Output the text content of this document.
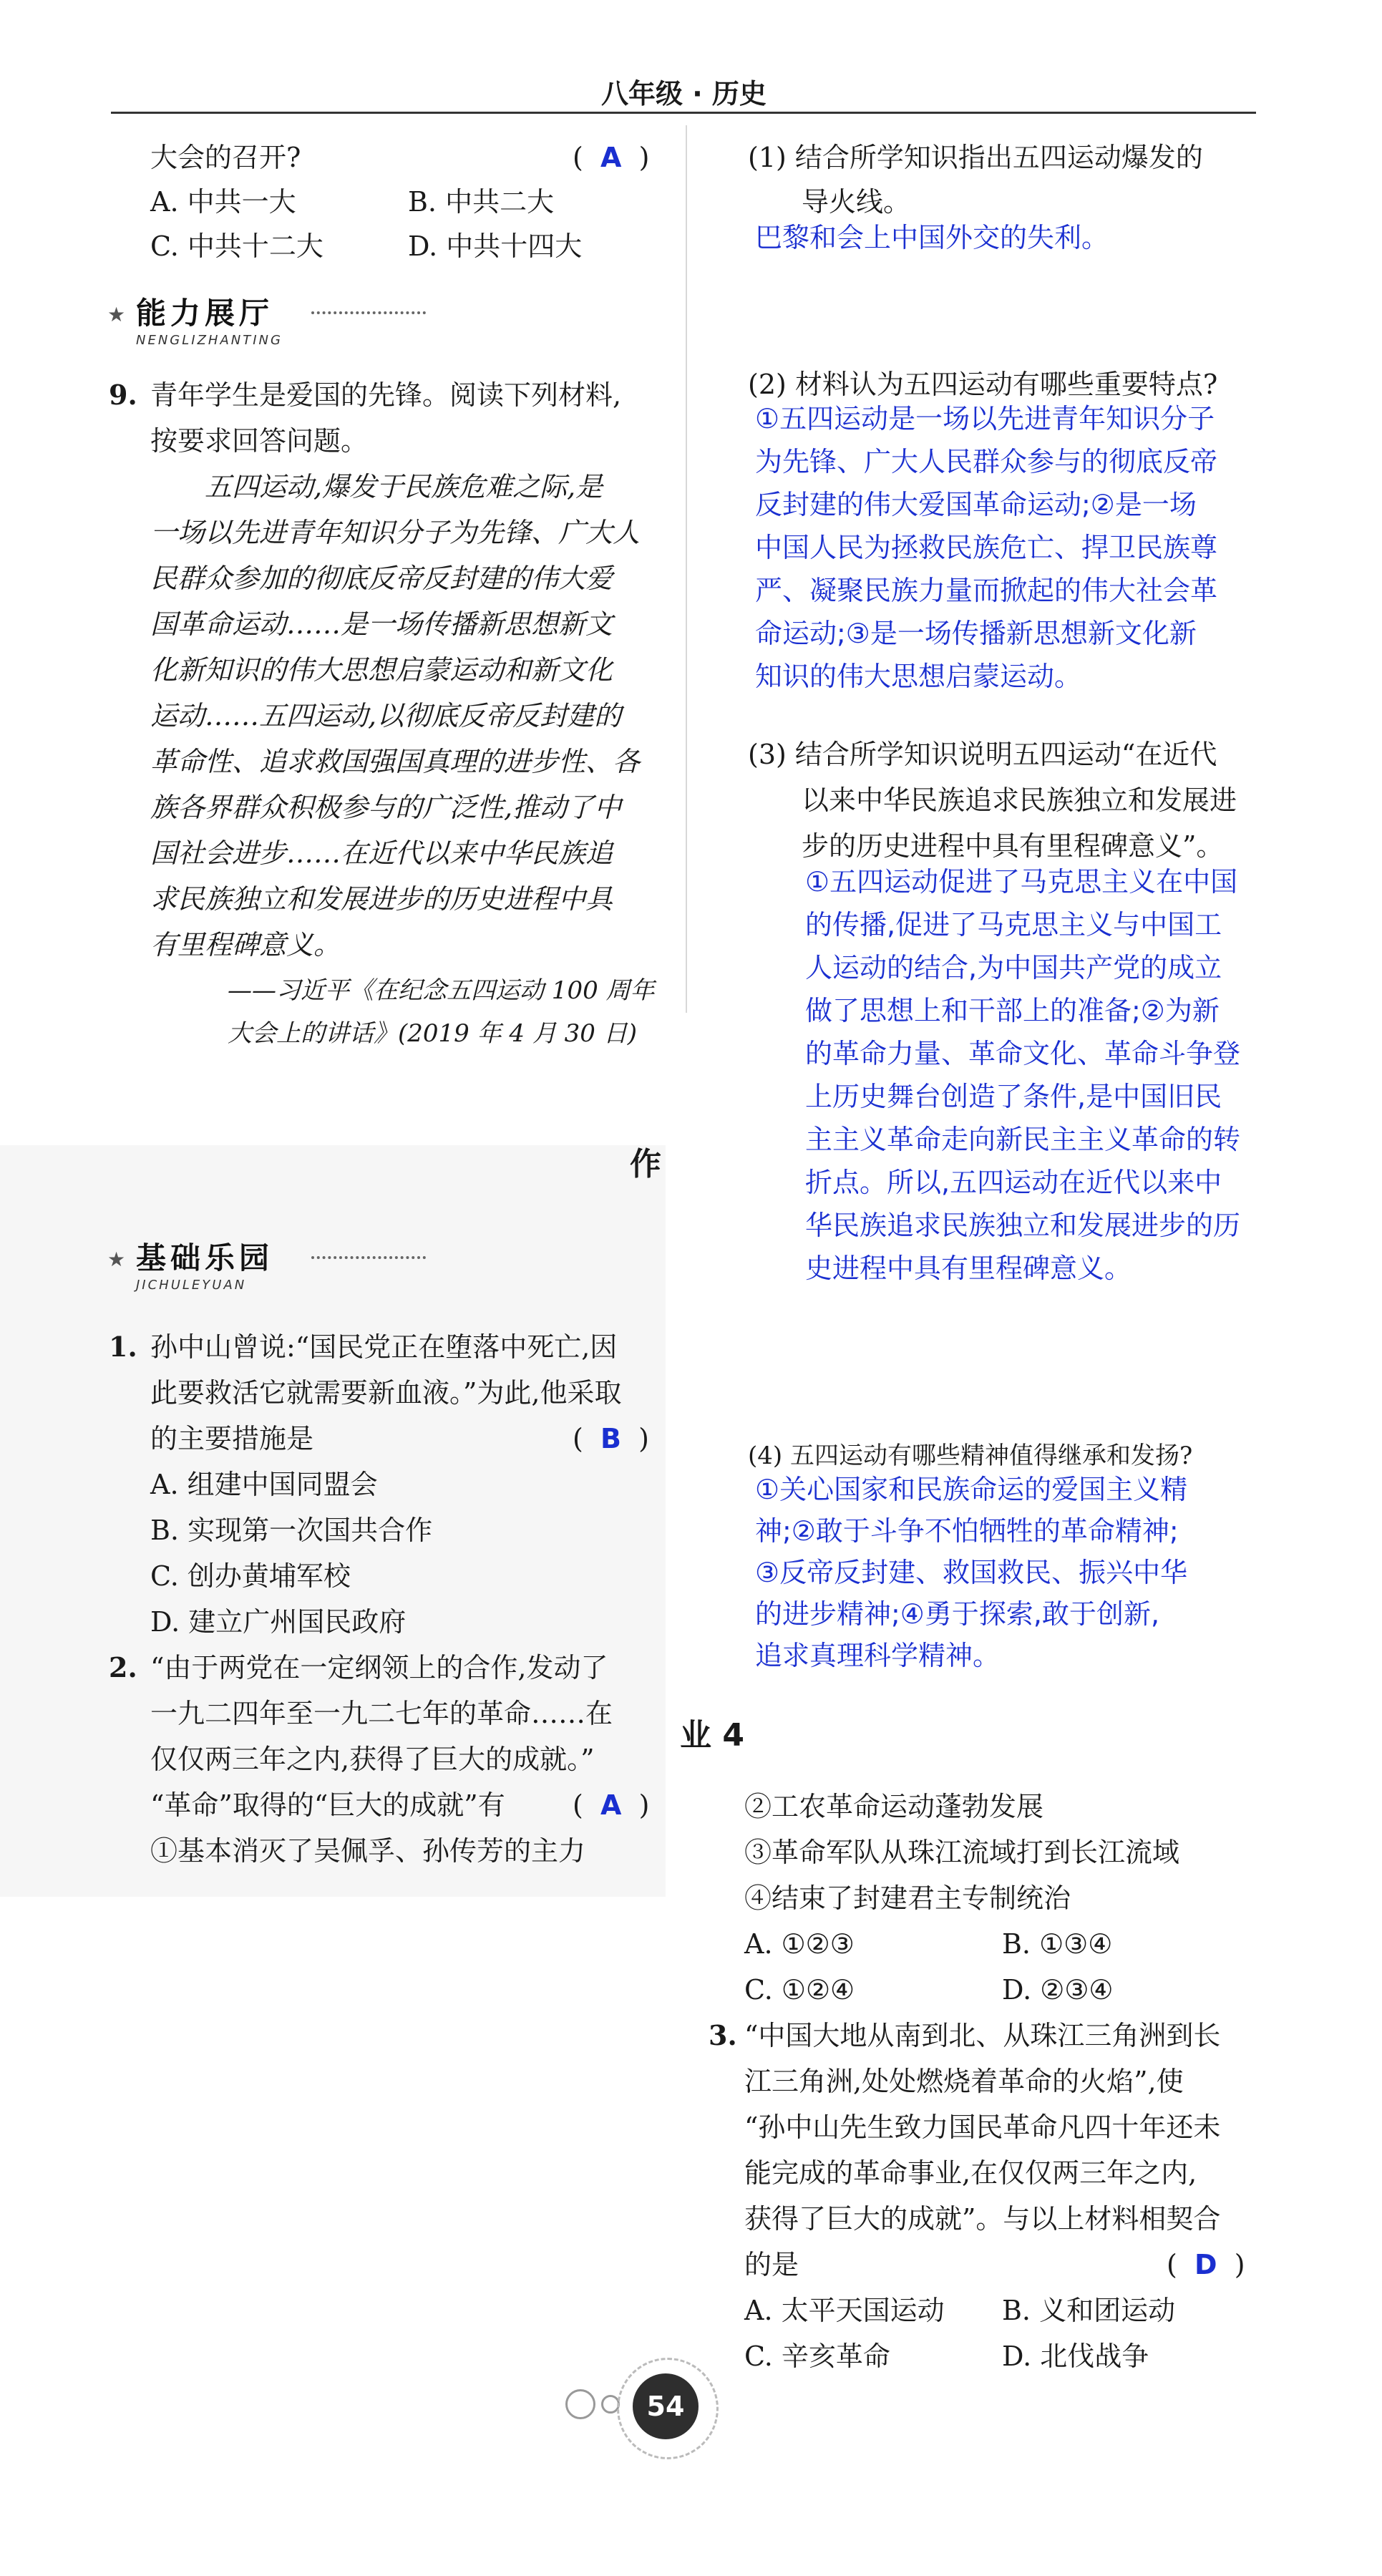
八年级 · 历史
大会的召开?	( A )
A. 中共一大	B. 中共二大
C. 中共十二大	D. 中共十四大
★ 能力展厅
NENGLIZHANTING
9. 青年学生是爱国的先锋。阅读下列材料,
按要求回答问题。
五四运动,爆发于民族危难之际,是
一场以先进青年知识分子为先锋、广大人
民群众参加的彻底反帝反封建的伟大爱
国革命运动……是一场传播新思想新文
化新知识的伟大思想启蒙运动和新文化
运动……五四运动,以彻底反帝反封建的
革命性、追求救国强国真理的进步性、各
族各界群众积极参与的广泛性,推动了中
国社会进步……在近代以来中华民族追
求民族独立和发展进步的历史进程中具
有里程碑意义。
——习近平《在纪念五四运动 100 周年
大会上的讲话》(2019 年 4 月 30 日)
作
★ 基础乐园
JICHULEYUAN
1. 孙中山曾说:“国民党正在堕落中死亡,因
此要救活它就需要新血液。”为此,他采取
的主要措施是	(  B  )
A. 组建中国同盟会
B. 实现第一次国共合作
C. 创办黄埔军校
D. 建立广州国民政府
2. “由于两党在一定纲领上的合作,发动了
一九二四年至一九二七年的革命……在
仅仅两三年之内,获得了巨大的成就。”
“革命”取得的“巨大的成就”有 (  A  )
①基本消灭了吴佩孚、孙传芳的主力
(1) 结合所学知识指出五四运动爆发的
导火线。
巴黎和会上中国外交的失利。
(2) 材料认为五四运动有哪些重要特点?
①五四运动是一场以先进青年知识分子
为先锋、广大人民群众参与的彻底反帝
反封建的伟大爱国革命运动;②是一场
中国人民为拯救民族危亡、捍卫民族尊
严、凝聚民族力量而掀起的伟大社会革
命运动;③是一场传播新思想新文化新
知识的伟大思想启蒙运动。
(3) 结合所学知识说明五四运动“在近代
以来中华民族追求民族独立和发展进
步的历史进程中具有里程碑意义”。
①五四运动促进了马克思主义在中国
的传播,促进了马克思主义与中国工
人运动的结合,为中国共产党的成立
做了思想上和干部上的准备;②为新
的革命力量、革命文化、革命斗争登
上历史舞台创造了条件,是中国旧民
主主义革命走向新民主主义革命的转
折点。所以,五四运动在近代以来中
华民族追求民族独立和发展进步的历
史进程中具有里程碑意义。
(4) 五四运动有哪些精神值得继承和发扬?
①关心国家和民族命运的爱国主义精
神;②敢于斗争不怕牺牲的革命精神;
③反帝反封建、救国救民、振兴中华
的进步精神;④勇于探索,敢于创新,
追求真理科学精神。
业 4
②工农革命运动蓬勃发展
③革命军队从珠江流域打到长江流域
④结束了封建君主专制统治
A. ①②③	B. ①③④
C. ①②④	D. ②③④
3. “中国大地从南到北、从珠江三角洲到长
江三角洲,处处燃烧着革命的火焰”,使
“孙中山先生致力国民革命凡四十年还未
能完成的革命事业,在仅仅两三年之内,
获得了巨大的成就”。与以上材料相契合
的是	(  D  )
A. 太平天国运动 B. 义和团运动
C. 辛亥革命	D. 北伐战争
54
